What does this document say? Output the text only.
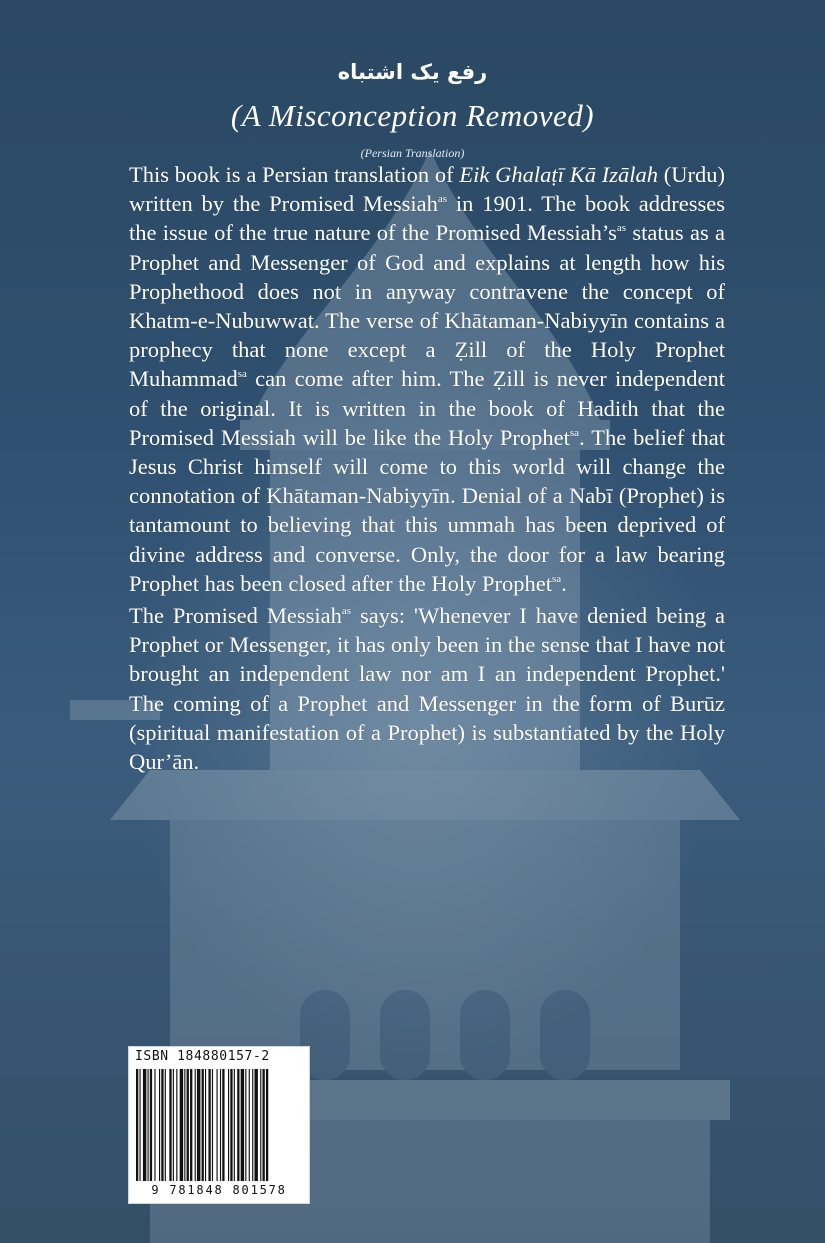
رفع یک اشتباه
(A Misconception Removed)
(Persian Translation)

This book is a Persian translation of Eik Ghalaṭī Kā Izālah (Urdu) written by the Promised Messiah$^{as}$ in 1901. The book addresses the issue of the true nature of the Promised $Messiah’s^{as}$ status as a Prophet and Messenger of God and explains at length how his Prophethood does not in anyway contravene the concept of Khatm-e-Nubuwwat. The verse of Khātaman-Nabiyyīn contains a prophecy that none except a Ẓill of the Holy Prophet Muhammad$^{sa}$ can come after him. The Ẓill is never independent of the original. It is written in the book of Hadith that the Promised Messiah will be like the Holy Prophet$^{sa}$. The belief that Jesus Christ himself will come to this world will change the connotation of Khātaman-Nabiyyīn. Denial of a Nabī (Prophet) is tantamount to believing that this ummah has been deprived of divine address and converse. Only, the door for a law bearing Prophet has been closed after the Holy Prophet$^{sa}$.

The Promised Messiah$^{as}$ says: 'Whenever I have denied being a Prophet or Messenger, it has only been in the sense that I have not brought an independent law nor am I an independent Prophet.' The coming of a Prophet and Messenger in the form of Burūz (spiritual manifestation of a Prophet) is substantiated by the Holy Qur’ān.

ISBN 184880157-2
9 781848 801578
